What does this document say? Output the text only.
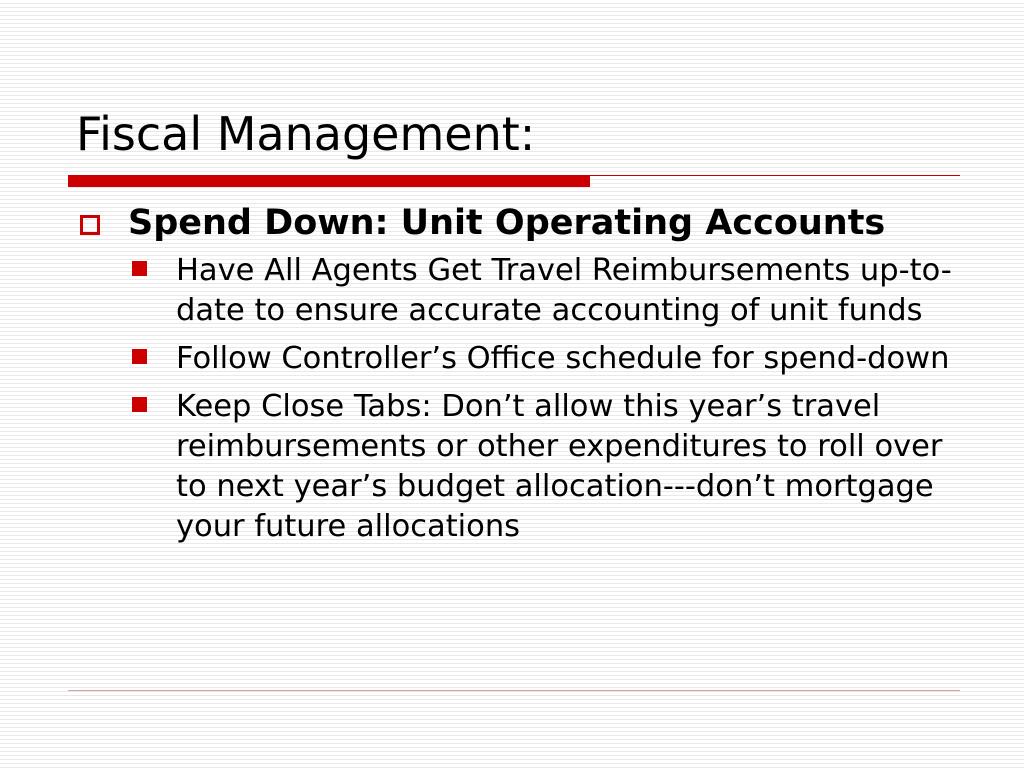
Fiscal Management:
Spend Down: Unit Operating Accounts
Have All Agents Get Travel Reimbursements up-to-date to ensure accurate accounting of unit funds
Follow Controller’s Office schedule for spend-down
Keep Close Tabs: Don’t allow this year’s travel reimbursements or other expenditures to roll over to next year’s budget allocation---don’t mortgage your future allocations
